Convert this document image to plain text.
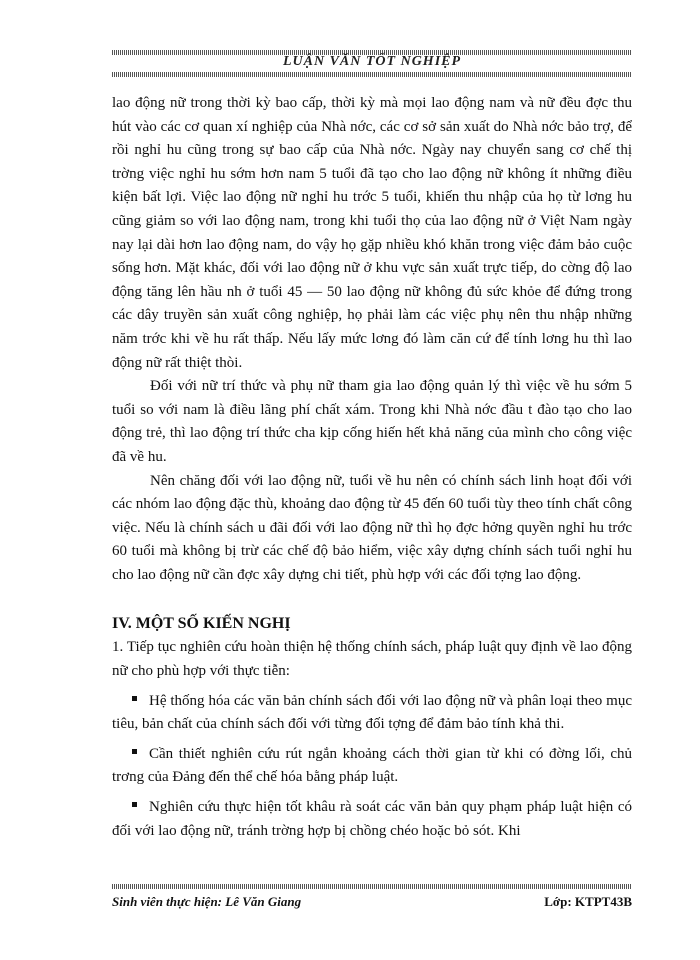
LUẬN VĂN TỐT NGHIỆP

lao động nữ trong thời kỳ bao cấp, thời kỳ mà mọi lao động nam và nữ đều đợc thu hút vào các cơ quan xí nghiệp của Nhà nớc, các cơ sở sản xuất do Nhà nớc bảo trợ, để rồi nghỉ hu cũng trong sự bao cấp của Nhà nớc. Ngày nay chuyển sang cơ chế thị trờng việc nghỉ hu sớm hơn nam 5 tuổi đã tạo cho lao động nữ không ít những điều kiện bất lợi. Việc lao động nữ nghỉ hu trớc 5 tuổi, khiến thu nhập của họ từ lơng hu cũng giảm so với lao động nam, trong khi tuổi thọ của lao động nữ ở Việt Nam ngày nay lại dài hơn lao động nam, do vậy họ gặp nhiều khó khăn trong việc đảm bảo cuộc sống hơn. Mặt khác, đối với lao động nữ ở khu vực sản xuất trực tiếp, do cờng độ lao động tăng lên hầu nh ở tuổi 45 — 50 lao động nữ không đủ sức khỏe để đứng trong các dây truyền sản xuất công nghiệp, họ phải làm các việc phụ nên thu nhập những năm trớc khi về hu rất thấp. Nếu lấy mức lơng đó làm căn cứ để tính lơng hu thì lao động nữ rất thiệt thòi.

Đối với nữ trí thức và phụ nữ tham gia lao động quản lý thì việc về hu sớm 5 tuổi so với nam là điều lãng phí chất xám. Trong khi Nhà nớc đầu t đào tạo cho lao động trẻ, thì lao động trí thức cha kịp cống hiến hết khả năng của mình cho công việc đã về hu.

Nên chăng đối với lao động nữ, tuổi về hu nên có chính sách linh hoạt đối với các nhóm lao động đặc thù, khoảng dao động từ 45 đến 60 tuổi tùy theo tính chất công việc. Nếu là chính sách u đãi đối với lao động nữ thì họ đợc hởng quyền nghỉ hu trớc 60 tuổi mà không bị trừ các chế độ bảo hiểm, việc xây dựng chính sách tuổi nghỉ hu cho lao động nữ cần đợc xây dựng chi tiết, phù hợp với các đối tợng lao động.

IV. MỘT SỐ KIẾN NGHỊ

1. Tiếp tục nghiên cứu hoàn thiện hệ thống chính sách, pháp luật quy định về lao động nữ cho phù hợp với thực tiễn:

Hệ thống hóa các văn bản chính sách đối với lao động nữ và phân loại theo mục tiêu, bản chất của chính sách đối với từng đối tợng để đảm bảo tính khả thi.

Cần thiết nghiên cứu rút ngắn khoảng cách thời gian từ khi có đờng lối, chủ trơng của Đảng đến thể chế hóa bằng pháp luật.

Nghiên cứu thực hiện tốt khâu rà soát các văn bản quy phạm pháp luật hiện có đối với lao động nữ, tránh trờng hợp bị chồng chéo hoặc bỏ sót. Khi

Sinh viên thực hiện: Lê Văn Giang	Lớp: KTPT43B
